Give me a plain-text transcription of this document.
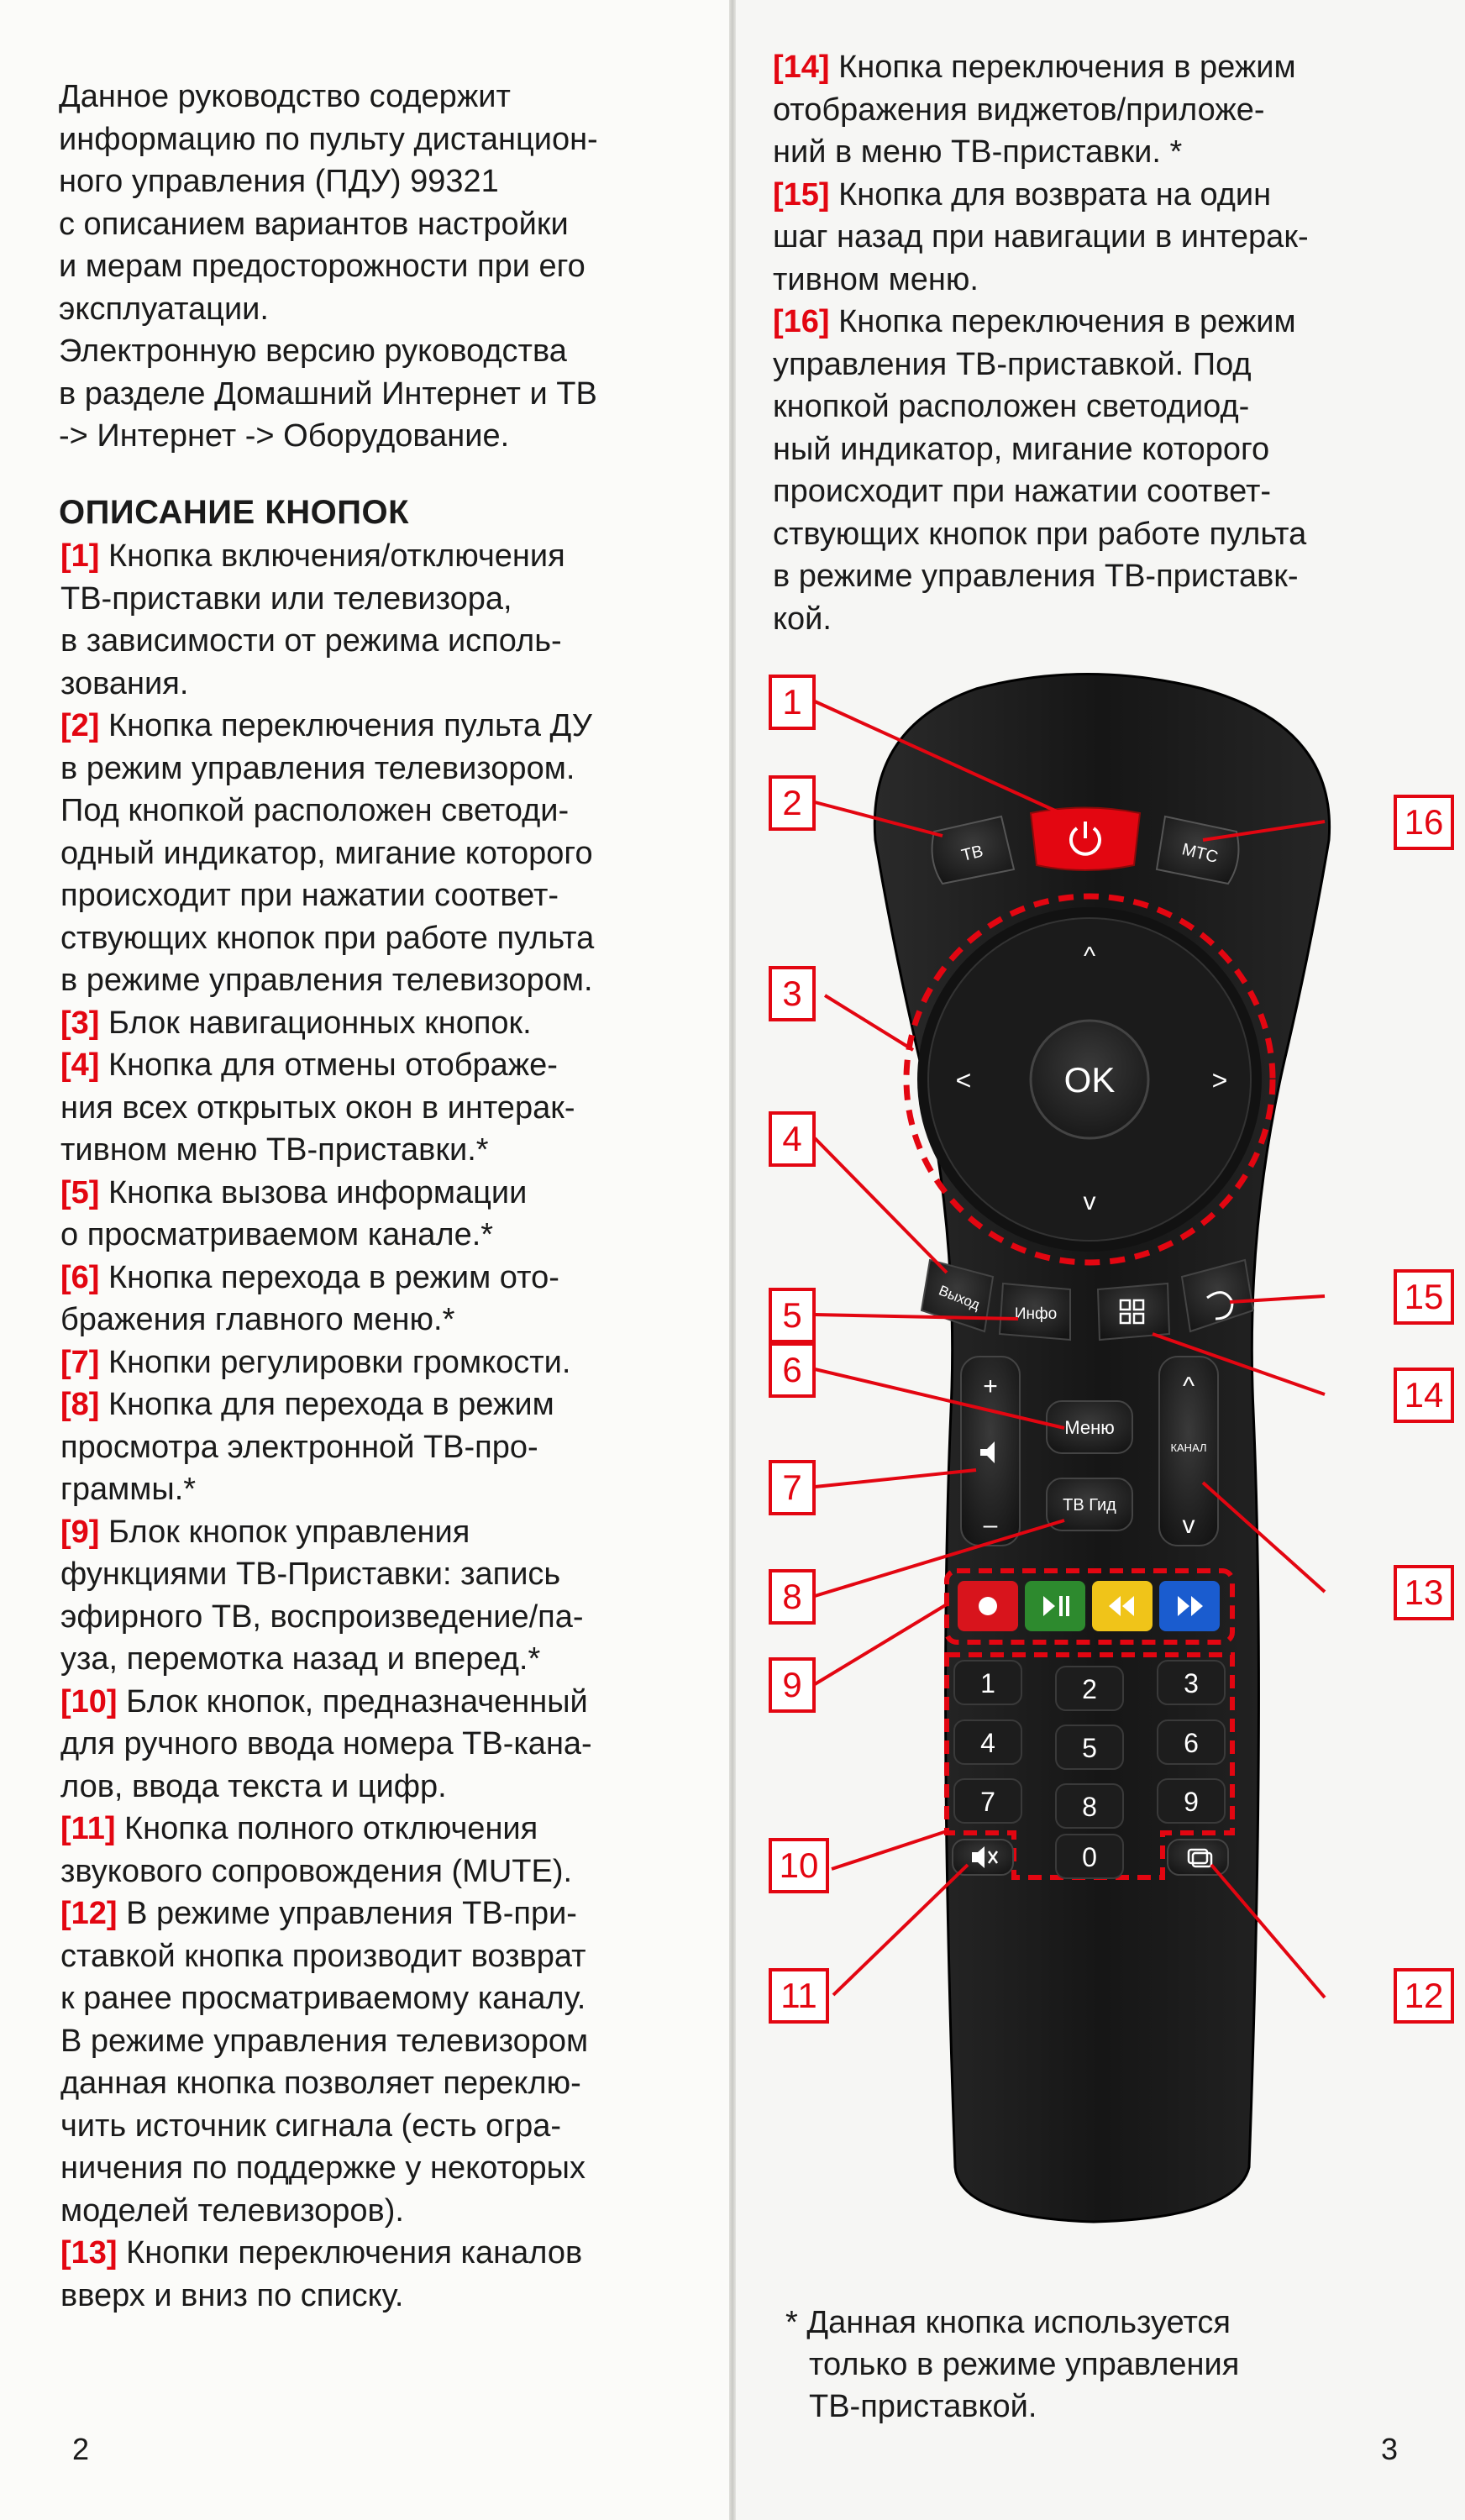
Данное руководство содержит
информацию по пульту дистанцион-
ного управления (ПДУ) 99321
с описанием вариантов настройки
и мерам предосторожности при его
эксплуатации.
Электронную версию руководства
в разделе Домашний Интернет и ТВ
-> Интернет -> Оборудование.
ОПИСАНИЕ КНОПОК
[1] Кнопка включения/отключения
ТВ-приставки или телевизора,
в зависимости от режима исполь-
зования.
[2] Кнопка переключения пульта ДУ
в режим управления телевизором.
Под кнопкой расположен светоди-
одный индикатор, мигание которого
происходит при нажатии соответ-
ствующих кнопок при работе пульта
в режиме управления телевизором.
[3] Блок навигационных кнопок.
[4] Кнопка для отмены отображе-
ния всех открытых окон в интерак-
тивном меню ТВ-приставки.*
[5] Кнопка вызова информации
о просматриваемом канале.*
[6] Кнопка перехода в режим ото-
бражения главного меню.*
[7] Кнопки регулировки громкости.
[8] Кнопка для перехода в режим
просмотра электронной ТВ-про-
граммы.*
[9] Блок кнопок управления
функциями ТВ-Приставки: запись
эфирного ТВ, воспроизведение/па-
уза, перемотка назад и вперед.*
[10] Блок кнопок, предназначенный
для ручного ввода номера ТВ-кана-
лов, ввода текста и цифр.
[11] Кнопка полного отключения
звукового сопровождения (MUTE).
[12] В режиме управления ТВ-при-
ставкой кнопка производит возврат
к ранее просматриваемому каналу.
В режиме управления телевизором
данная кнопка позволяет переклю-
чить источник сигнала (есть огра-
ничения по поддержке у некоторых
моделей телевизоров).
[13] Кнопки переключения каналов
вверх и вниз по списку.
[14] Кнопка переключения в режим
отображения виджетов/приложе-
ний в меню ТВ-приставки. *
[15] Кнопка для возврата на один
шаг назад при навигации в интерак-
тивном меню.
[16] Кнопка переключения в режим
управления ТВ-приставкой. Под
кнопкой расположен светодиод-
ный индикатор, мигание которого
происходит при нажатии соответ-
ствующих кнопок при работе пульта
в режиме управления ТВ-приставк-
кой.
ТВ	МТС
^
v
<	>
OK
Выход
Инфо
+
–
Меню
ТВ Гид
^
КАНАЛ
v
1	2	3
4	5	6
7	8	9
0
1
2
3
4
5
6
7
8
9
10
11	12
13
14
15
16
* Данная кнопка используется
только в режиме управления
ТВ-приставкой.
2	3
